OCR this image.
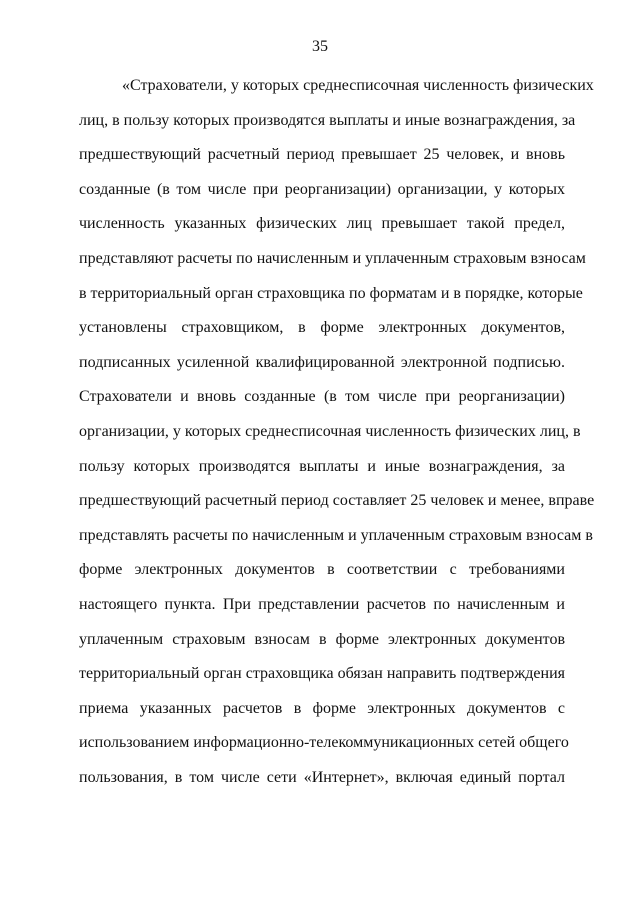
35

«Страхователи, у которых среднесписочная численность физических
лиц, в пользу которых производятся выплаты и иные вознаграждения, за
предшествующий расчетный период превышает 25 человек, и вновь
созданные (в том числе при реорганизации) организации, у которых
численность указанных физических лиц превышает такой предел,
представляют расчеты по начисленным и уплаченным страховым взносам
в территориальный орган страховщика по форматам и в порядке, которые
установлены страховщиком, в форме электронных документов,
подписанных усиленной квалифицированной электронной подписью.
Страхователи и вновь созданные (в том числе при реорганизации)
организации, у которых среднесписочная численность физических лиц, в
пользу которых производятся выплаты и иные вознаграждения, за
предшествующий расчетный период составляет 25 человек и менее, вправе
представлять расчеты по начисленным и уплаченным страховым взносам в
форме электронных документов в соответствии с требованиями
настоящего пункта. При представлении расчетов по начисленным и
уплаченным страховым взносам в форме электронных документов
территориальный орган страховщика обязан направить подтверждения
приема указанных расчетов в форме электронных документов с
использованием информационно-телекоммуникационных сетей общего
пользования, в том числе сети «Интернет», включая единый портал
